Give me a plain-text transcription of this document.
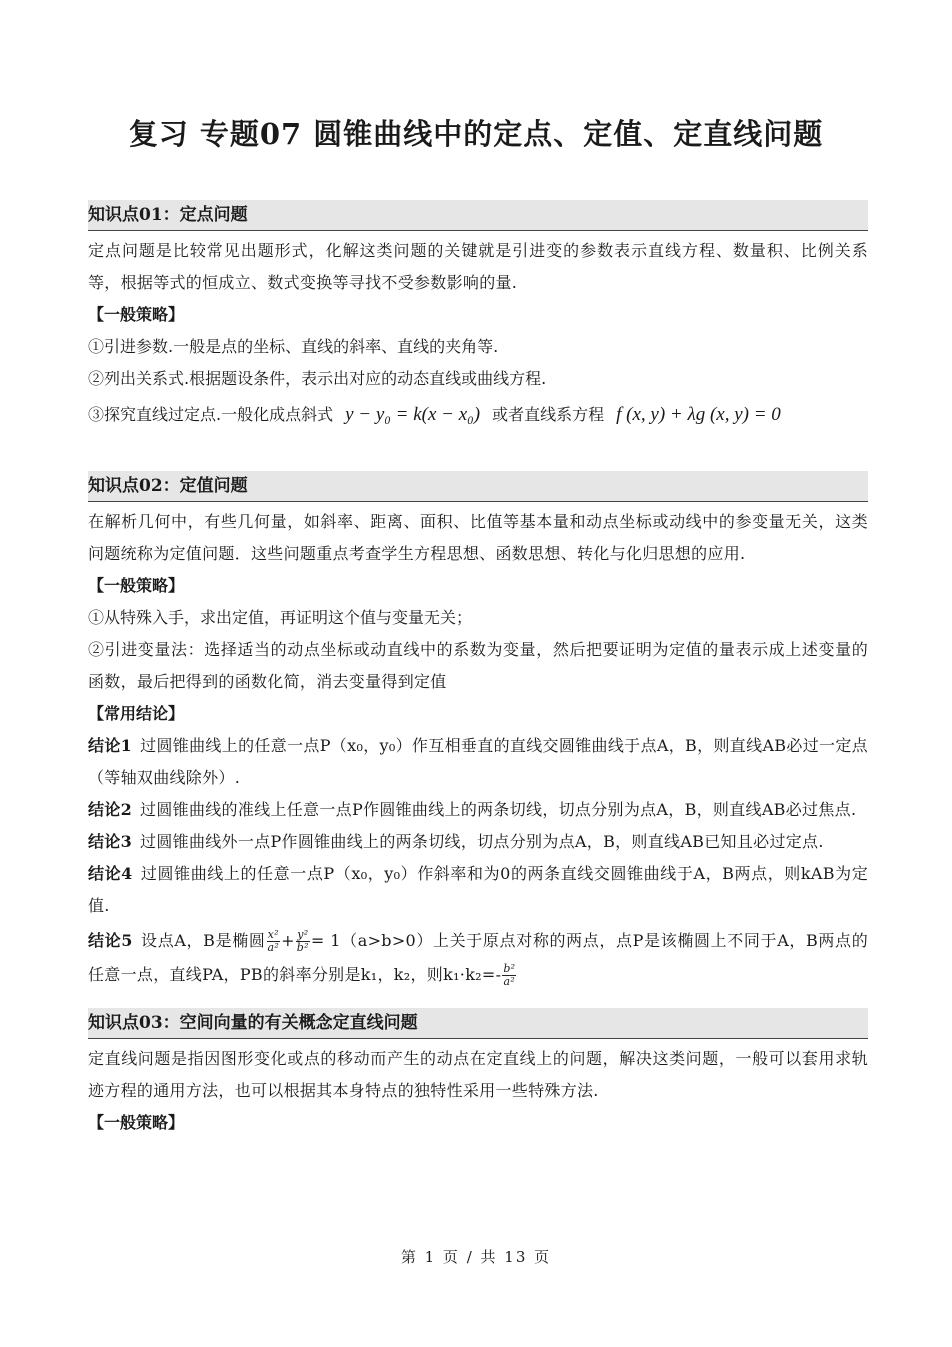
复习 专题07 圆锥曲线中的定点、定值、定直线问题
知识点01：定点问题
定点问题是比较常见出题形式，化解这类问题的关键就是引进变的参数表示直线方程、数量积、比例关系等，根据等式的恒成立、数式变换等寻找不受参数影响的量.
【一般策略】
①引进参数.一般是点的坐标、直线的斜率、直线的夹角等.
②列出关系式.根据题设条件，表示出对应的动态直线或曲线方程.
③探究直线过定点.一般化成点斜式 y − y₀ = k(x − x₀) 或者直线系方程 f (x, y) + λg (x, y) = 0
知识点02：定值问题
在解析几何中，有些几何量，如斜率、距离、面积、比值等基本量和动点坐标或动线中的参变量无关，这类问题统称为定值问题．这些问题重点考查学生方程思想、函数思想、转化与化归思想的应用.
【一般策略】
①从特殊入手，求出定值，再证明这个值与变量无关；
②引进变量法：选择适当的动点坐标或动直线中的系数为变量，然后把要证明为定值的量表示成上述变量的函数，最后把得到的函数化简，消去变量得到定值
【常用结论】
结论1 过圆锥曲线上的任意一点P（x₀，y₀）作互相垂直的直线交圆锥曲线于点A，B，则直线AB必过一定点（等轴双曲线除外）.
结论2 过圆锥曲线的准线上任意一点P作圆锥曲线上的两条切线，切点分别为点A，B，则直线AB必过焦点.
结论3 过圆锥曲线外一点P作圆锥曲线上的两条切线，切点分别为点A，B，则直线AB已知且必过定点.
结论4 过圆锥曲线上的任意一点P（x₀，y₀）作斜率和为0的两条直线交圆锥曲线于A，B两点，则kAB为定值.
结论5 设点A，B是椭圆 $\frac{\text{x²}}{\text{a²}} + \frac{\text{y²}}{\text{b²}} = 1(a>b>0)$上关于原点对称的两点，点P是该椭圆上不同于A，B两点的任意一点，直线PA，PB的斜率分别是k₁，k₂，则$k_1\cdot k_2=- \frac{\text{b²}}{\text{a²}}$
知识点03：空间向量的有关概念定直线问题
定直线问题是指因图形变化或点的移动而产生的动点在定直线上的问题，解决这类问题，一般可以套用求轨迹方程的通用方法，也可以根据其本身特点的独特性采用一些特殊方法.
【一般策略】
第 1 页 / 共 13 页
